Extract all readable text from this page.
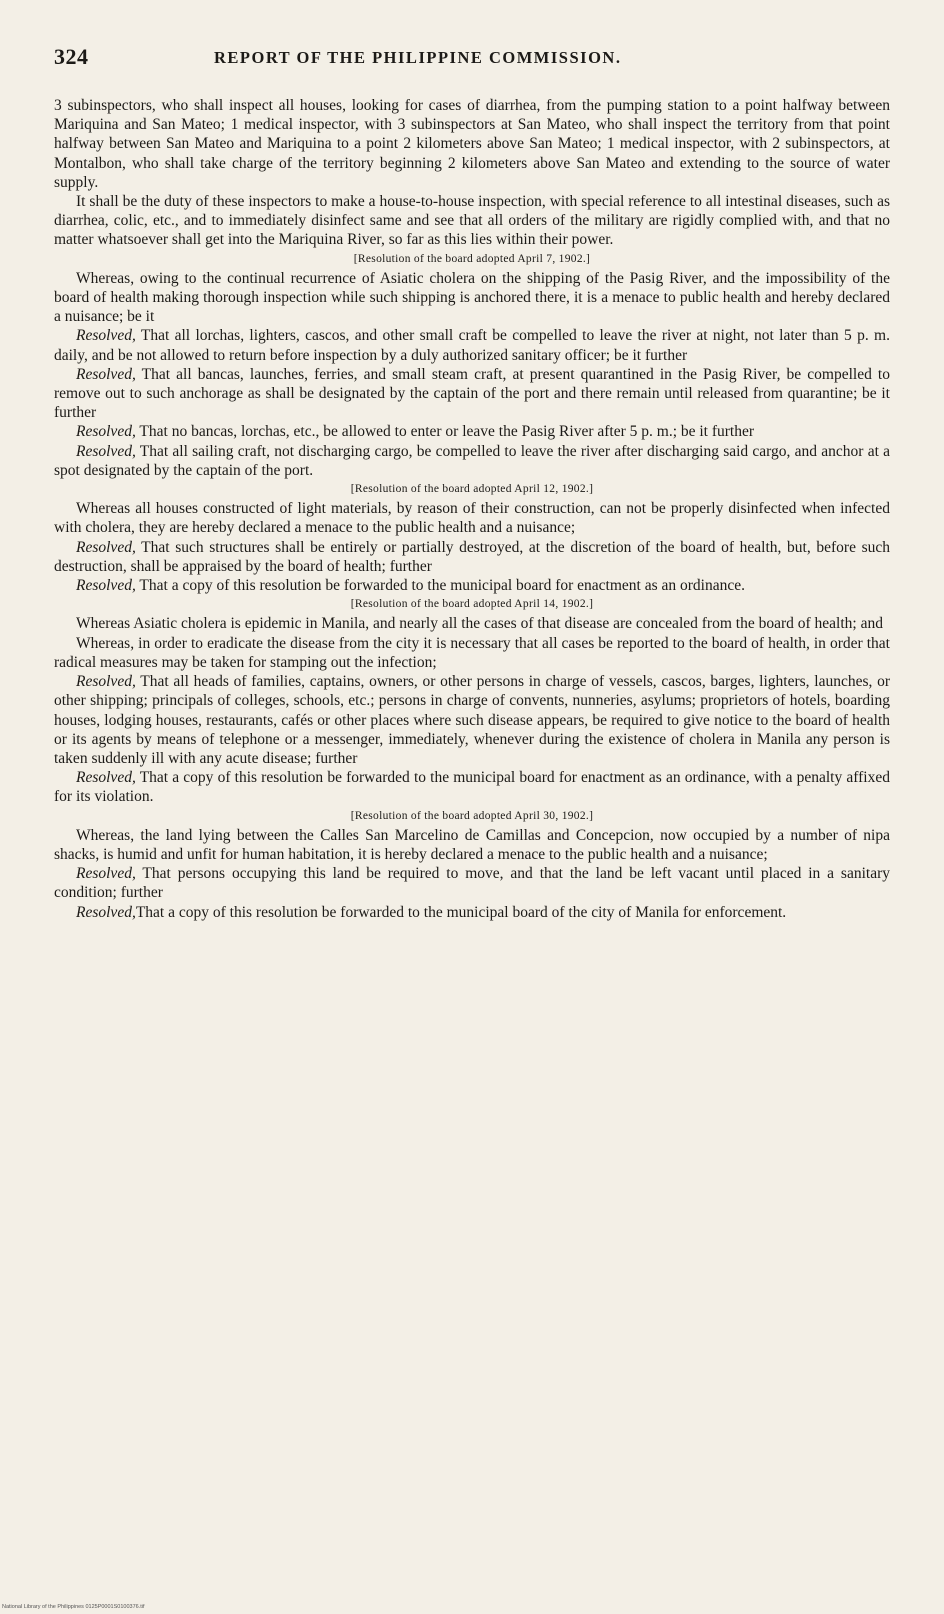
324	REPORT OF THE PHILIPPINE COMMISSION.

3 subinspectors, who shall inspect all houses, looking for cases of diarrhea, from the pumping station to a point halfway between Mariquina and San Mateo; 1 medical inspector, with 3 subinspectors at San Mateo, who shall inspect the territory from that point halfway between San Mateo and Mariquina to a point 2 kilometers above San Mateo; 1 medical inspector, with 2 subinspectors, at Montalbon, who shall take charge of the territory beginning 2 kilometers above San Mateo and extending to the source of water supply.

It shall be the duty of these inspectors to make a house-to-house inspection, with special reference to all intestinal diseases, such as diarrhea, colic, etc., and to immediately disinfect same and see that all orders of the military are rigidly complied with, and that no matter whatsoever shall get into the Mariquina River, so far as this lies within their power.

[Resolution of the board adopted April 7, 1902.]

Whereas, owing to the continual recurrence of Asiatic cholera on the shipping of the Pasig River, and the impossibility of the board of health making thorough inspection while such shipping is anchored there, it is a menace to public health and hereby declared a nuisance; be it

Resolved, That all lorchas, lighters, cascos, and other small craft be compelled to leave the river at night, not later than 5 p. m. daily, and be not allowed to return before inspection by a duly authorized sanitary officer; be it further

Resolved, That all bancas, launches, ferries, and small steam craft, at present quarantined in the Pasig River, be compelled to remove out to such anchorage as shall be designated by the captain of the port and there remain until released from quarantine; be it further

Resolved, That no bancas, lorchas, etc., be allowed to enter or leave the Pasig River after 5 p. m.; be it further

Resolved, That all sailing craft, not discharging cargo, be compelled to leave the river after discharging said cargo, and anchor at a spot designated by the captain of the port.

[Resolution of the board adopted April 12, 1902.]

Whereas all houses constructed of light materials, by reason of their construction, can not be properly disinfected when infected with cholera, they are hereby declared a menace to the public health and a nuisance;

Resolved, That such structures shall be entirely or partially destroyed, at the discretion of the board of health, but, before such destruction, shall be appraised by the board of health; further

Resolved, That a copy of this resolution be forwarded to the municipal board for enactment as an ordinance.

[Resolution of the board adopted April 14, 1902.]

Whereas Asiatic cholera is epidemic in Manila, and nearly all the cases of that disease are concealed from the board of health; and

Whereas, in order to eradicate the disease from the city it is necessary that all cases be reported to the board of health, in order that radical measures may be taken for stamping out the infection;

Resolved, That all heads of families, captains, owners, or other persons in charge of vessels, cascos, barges, lighters, launches, or other shipping; principals of colleges, schools, etc.; persons in charge of convents, nunneries, asylums; proprietors of hotels, boarding houses, lodging houses, restaurants, cafés or other places where such disease appears, be required to give notice to the board of health or its agents by means of telephone or a messenger, immediately, whenever during the existence of cholera in Manila any person is taken suddenly ill with any acute disease; further

Resolved, That a copy of this resolution be forwarded to the municipal board for enactment as an ordinance, with a penalty affixed for its violation.

[Resolution of the board adopted April 30, 1902.]

Whereas, the land lying between the Calles San Marcelino de Camillas and Concepcion, now occupied by a number of nipa shacks, is humid and unfit for human habitation, it is hereby declared a menace to the public health and a nuisance;

Resolved, That persons occupying this land be required to move, and that the land be left vacant until placed in a sanitary condition; further

Resolved,That a copy of this resolution be forwarded to the municipal board of the city of Manila for enforcement.

National Library of the Philippines 0125P0001S0100376.tif
